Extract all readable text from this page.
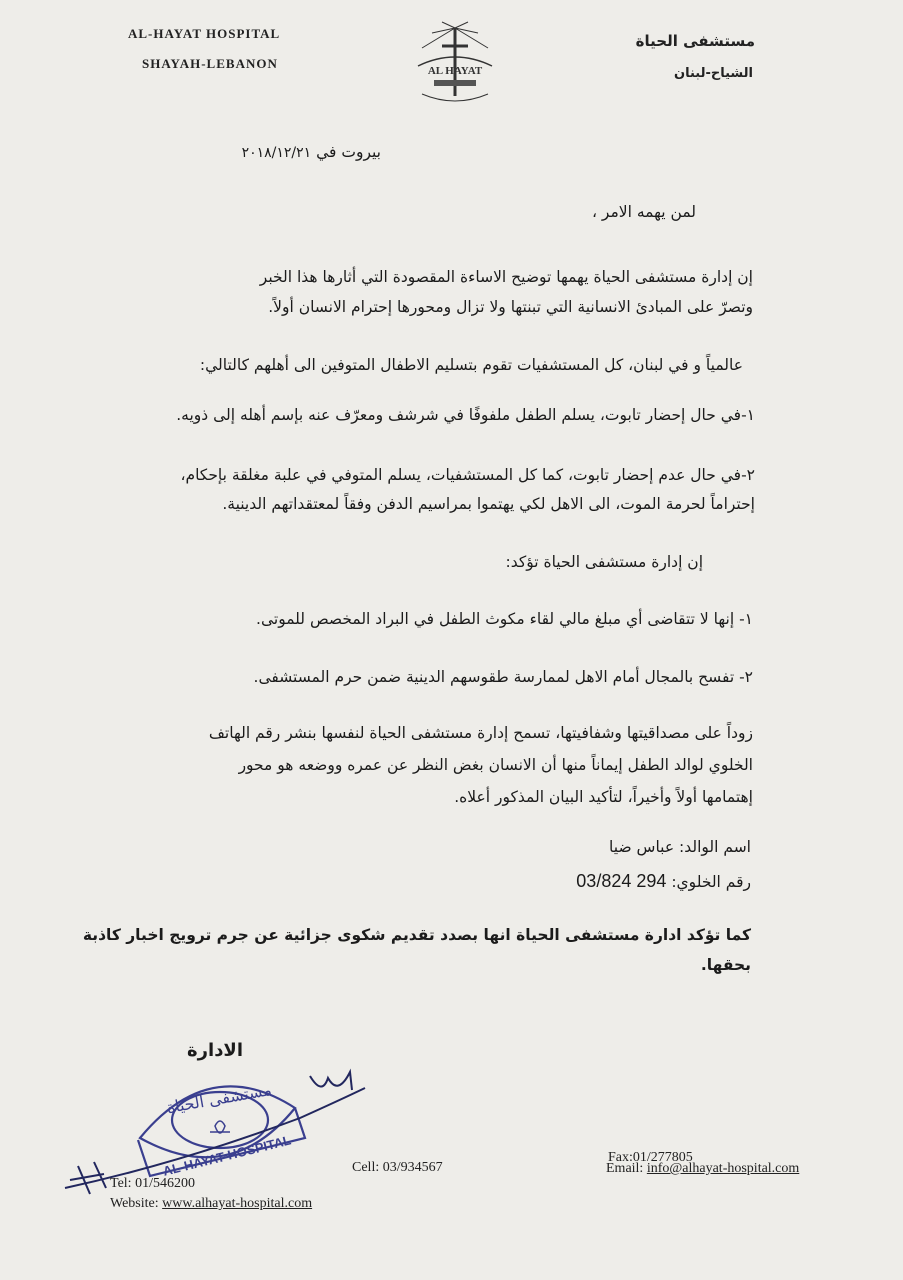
AL-HAYAT HOSPITAL
SHAYAH-LEBANON	AL HAYAT
مستشفى الحياة
الشياح-لبنان
بيروت في ٢٠١٨/١٢/٢١
لمن يهمه الامر ،
إن إدارة مستشفى الحياة يهمها توضيح الاساءة المقصودة التي أثارها هذا الخبر
وتصرّ على المبادئ الانسانية التي تبنتها ولا تزال ومحورها إحترام الانسان أولاً.
عالمياً و في لبنان، كل المستشفيات تقوم بتسليم الاطفال المتوفين الى أهلهم كالتالي:
١-في حال إحضار تابوت، يسلم الطفل ملفوفًا في شرشف ومعرّف عنه بإسم أهله إلى ذويه.
٢-في حال عدم إحضار تابوت، كما كل المستشفيات، يسلم المتوفي في علبة مغلقة بإحكام،
إحتراماً لحرمة الموت، الى الاهل لكي يهتموا بمراسيم الدفن وفقاً لمعتقداتهم الدينية.
إن إدارة مستشفى الحياة تؤكد:
١- إنها لا تتقاضى أي مبلغ مالي لقاء مكوث الطفل في البراد المخصص للموتى.
٢- تفسح بالمجال أمام الاهل لممارسة طقوسهم الدينية ضمن حرم المستشفى.
زوداً على مصداقيتها وشفافيتها، تسمح إدارة مستشفى الحياة لنفسها بنشر رقم الهاتف
الخلوي لوالد الطفل إيماناً منها أن الانسان بغض النظر عن عمره ووضعه هو محور
إهتمامها أولاً وأخيراً، لتأكيد البيان المذكور أعلاه.
اسم الوالد: عباس ضيا
رقم الخلوي: 03/824 294
كما تؤكد ادارة مستشفى الحياة انها بصدد تقديم شكوى جزائية عن جرم ترويج اخبار كاذبة
بحقها.
الادارة
مستشفى الحياة
AL-HAYAT HOSPITAL
Tel: 01/546200
Website: www.alhayat-hospital.com
Cell: 03/934567
Fax:01/277805
Email: info@alhayat-hospital.com
